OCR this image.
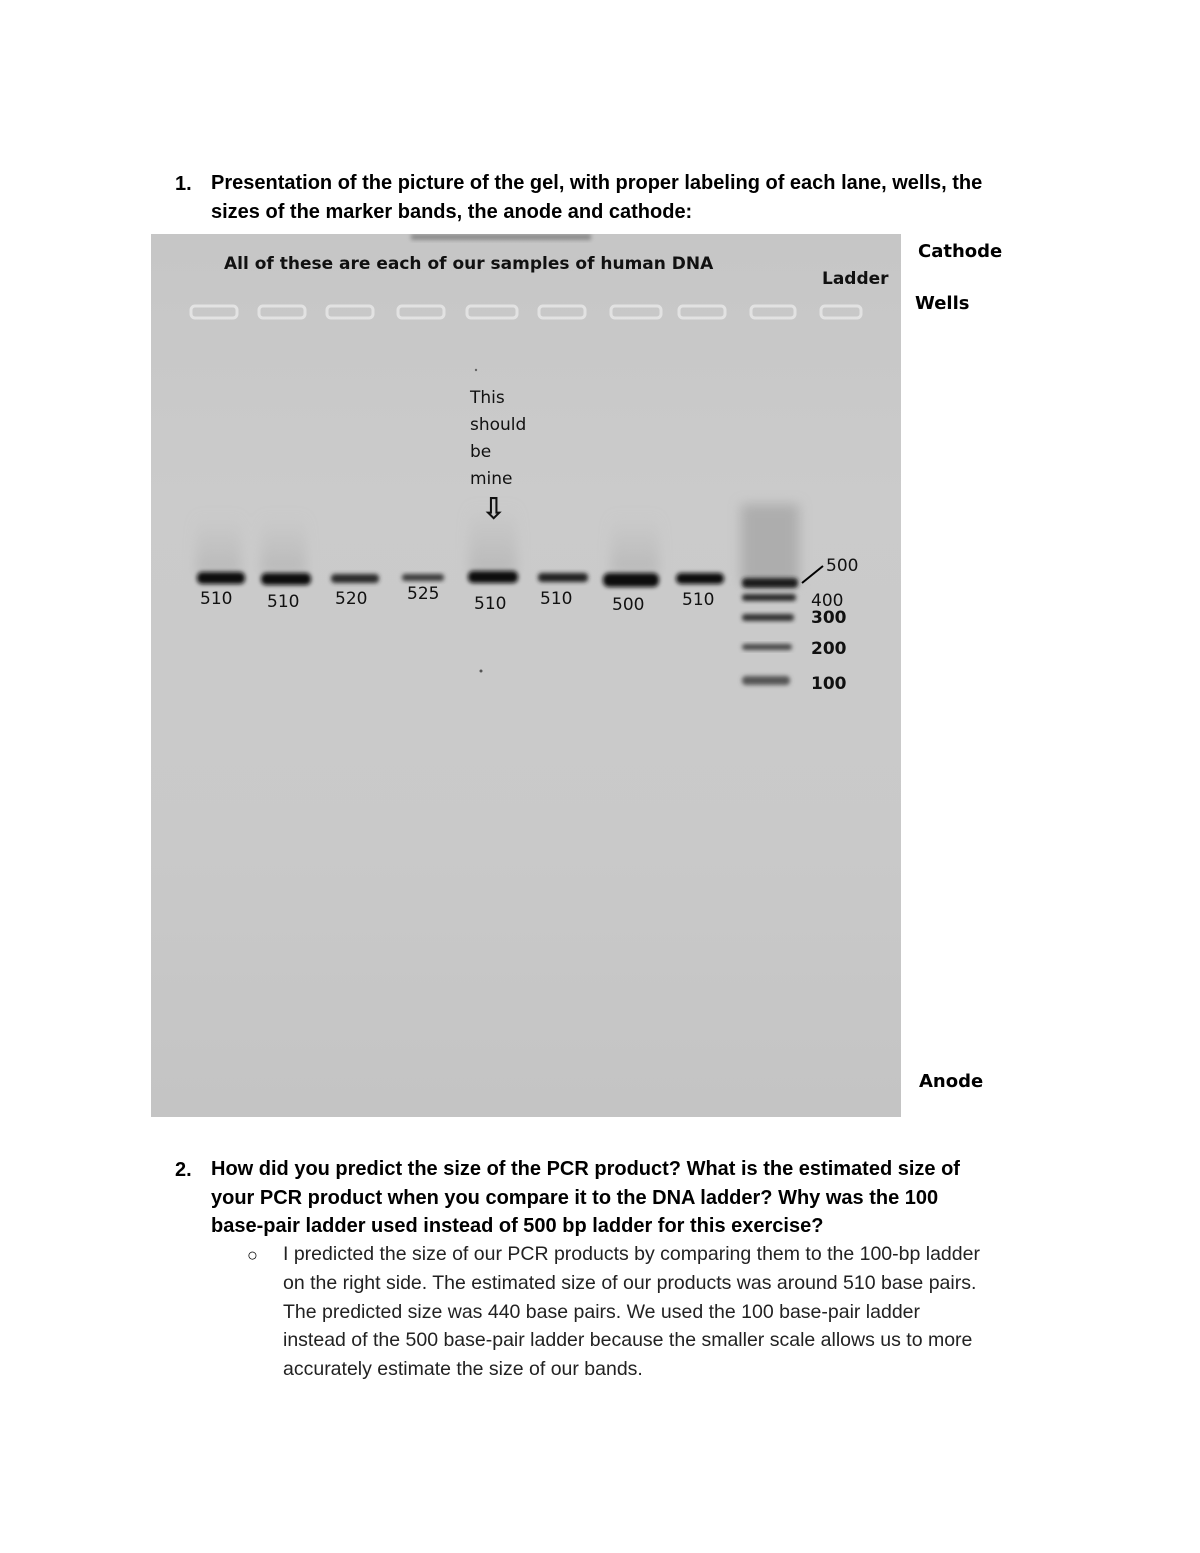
1. Presentation of the picture of the gel, with proper labeling of each lane, wells, the
sizes of the marker bands, the anode and cathode:
All of these are each of our samples of human DNA
Ladder
This
should
be
mine
⇩
510 510 520 525 510 510 500 510
500
400
300
200
100
Cathode
Wells
Anode
2. How did you predict the size of the PCR product? What is the estimated size of
your PCR product when you compare it to the DNA ladder? Why was the 100
base-pair ladder used instead of 500 bp ladder for this exercise?
○ I predicted the size of our PCR products by comparing them to the 100-bp ladder
on the right side. The estimated size of our products was around 510 base pairs.
The predicted size was 440 base pairs. We used the 100 base-pair ladder
instead of the 500 base-pair ladder because the smaller scale allows us to more
accurately estimate the size of our bands.
